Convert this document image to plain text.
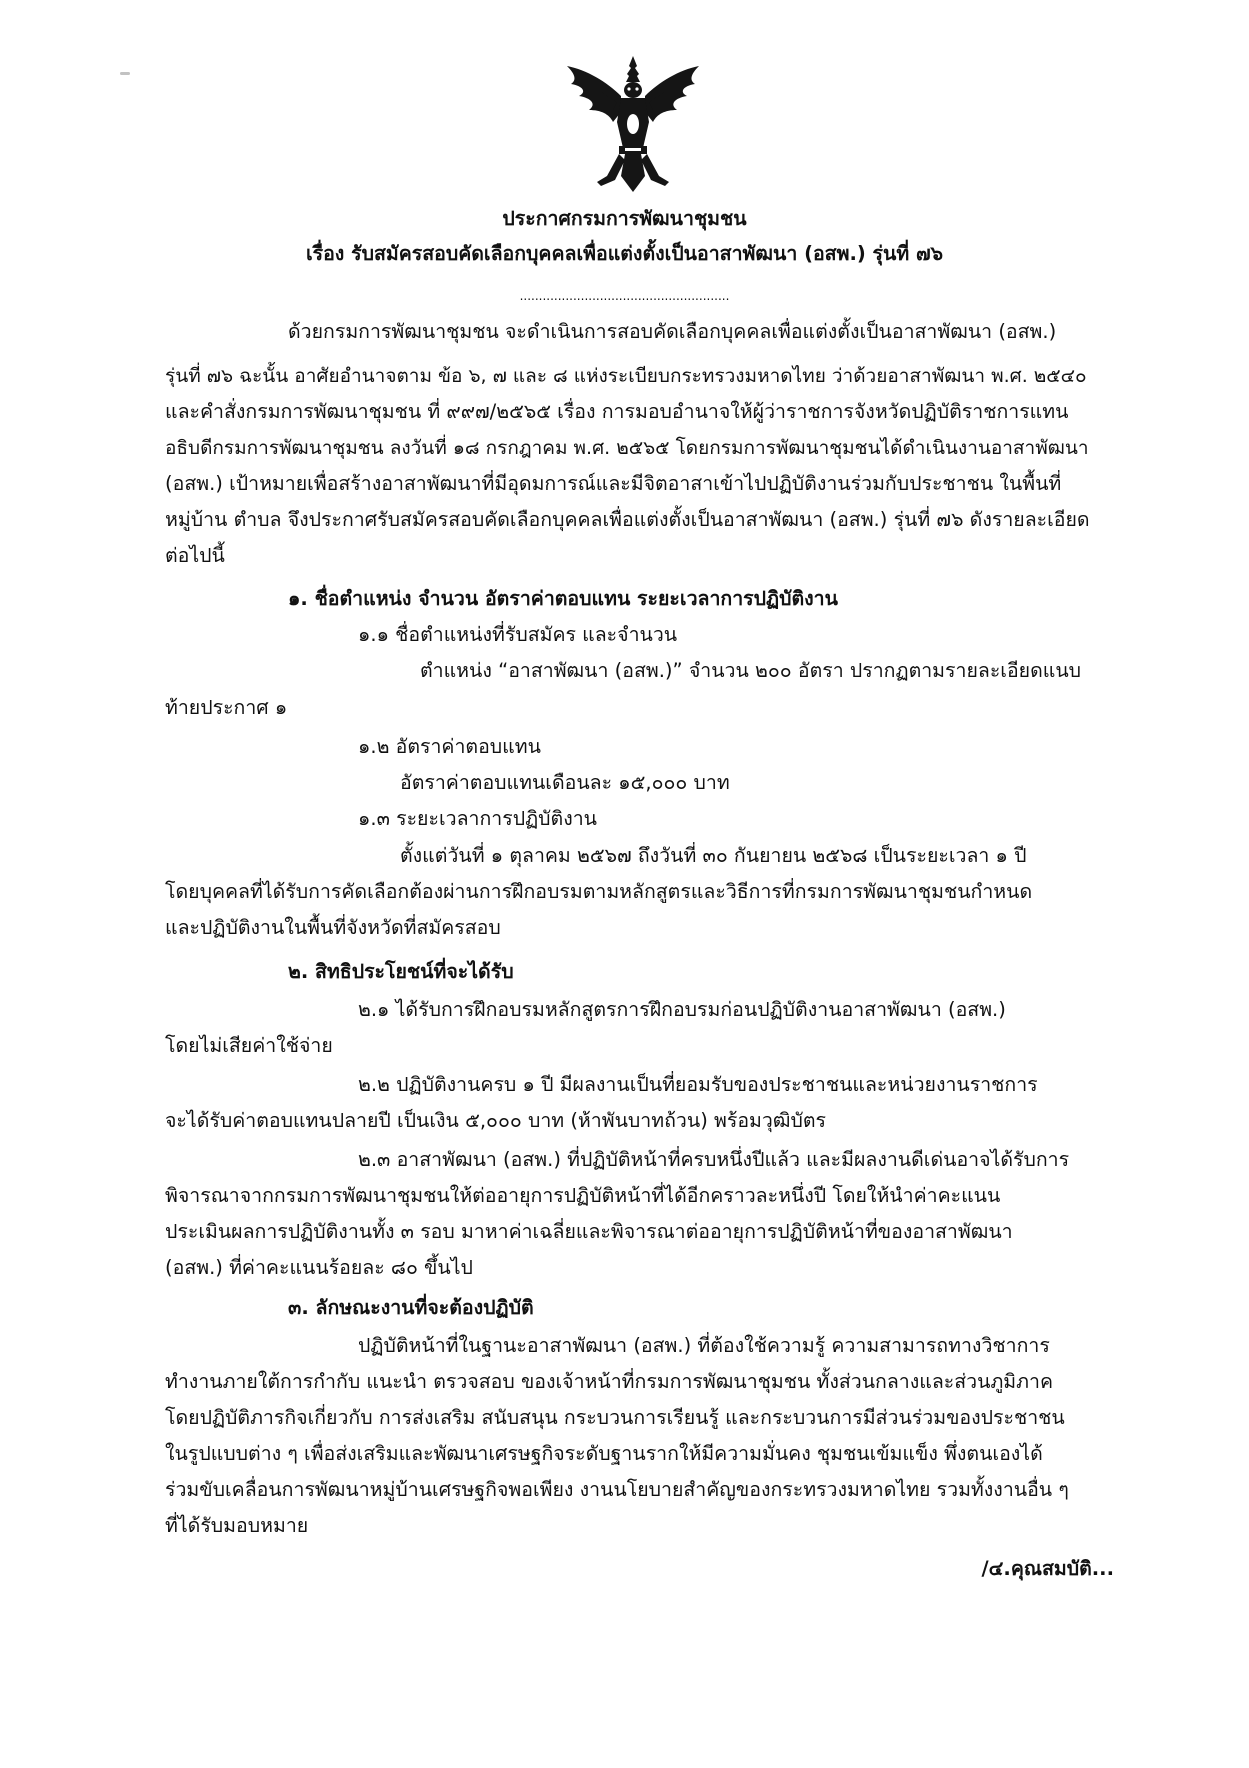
ประกาศกรมการพัฒนาชุมชน
เรื่อง รับสมัครสอบคัดเลือกบุคคลเพื่อแต่งตั้งเป็นอาสาพัฒนา (อสพ.) รุ่นที่ ๗๖
.......................................................
ด้วยกรมการพัฒนาชุมชน จะดำเนินการสอบคัดเลือกบุคคลเพื่อแต่งตั้งเป็นอาสาพัฒนา (อสพ.)
รุ่นที่ ๗๖ ฉะนั้น อาศัยอำนาจตาม ข้อ ๖, ๗ และ ๘ แห่งระเบียบกระทรวงมหาดไทย ว่าด้วยอาสาพัฒนา พ.ศ. ๒๕๔๐
และคำสั่งกรมการพัฒนาชุมชน ที่ ๙๙๗/๒๕๖๕ เรื่อง การมอบอำนาจให้ผู้ว่าราชการจังหวัดปฏิบัติราชการแทน
อธิบดีกรมการพัฒนาชุมชน ลงวันที่ ๑๘ กรกฎาคม พ.ศ. ๒๕๖๕ โดยกรมการพัฒนาชุมชนได้ดำเนินงานอาสาพัฒนา
(อสพ.) เป้าหมายเพื่อสร้างอาสาพัฒนาที่มีอุดมการณ์และมีจิตอาสาเข้าไปปฏิบัติงานร่วมกับประชาชน ในพื้นที่
หมู่บ้าน ตำบล จึงประกาศรับสมัครสอบคัดเลือกบุคคลเพื่อแต่งตั้งเป็นอาสาพัฒนา (อสพ.) รุ่นที่ ๗๖ ดังรายละเอียด
ต่อไปนี้
๑. ชื่อตำแหน่ง จำนวน อัตราค่าตอบแทน ระยะเวลาการปฏิบัติงาน
๑.๑ ชื่อตำแหน่งที่รับสมัคร และจำนวน
ตำแหน่ง “อาสาพัฒนา (อสพ.)” จำนวน ๒๐๐ อัตรา ปรากฏตามรายละเอียดแนบ
ท้ายประกาศ ๑
๑.๒ อัตราค่าตอบแทน
อัตราค่าตอบแทนเดือนละ ๑๕,๐๐๐ บาท
๑.๓ ระยะเวลาการปฏิบัติงาน
ตั้งแต่วันที่ ๑ ตุลาคม ๒๕๖๗ ถึงวันที่ ๓๐ กันยายน ๒๕๖๘ เป็นระยะเวลา ๑ ปี
โดยบุคคลที่ได้รับการคัดเลือกต้องผ่านการฝึกอบรมตามหลักสูตรและวิธีการที่กรมการพัฒนาชุมชนกำหนด
และปฏิบัติงานในพื้นที่จังหวัดที่สมัครสอบ
๒. สิทธิประโยชน์ที่จะได้รับ
๒.๑ ได้รับการฝึกอบรมหลักสูตรการฝึกอบรมก่อนปฏิบัติงานอาสาพัฒนา (อสพ.)
โดยไม่เสียค่าใช้จ่าย
๒.๒ ปฏิบัติงานครบ ๑ ปี มีผลงานเป็นที่ยอมรับของประชาชนและหน่วยงานราชการ
จะได้รับค่าตอบแทนปลายปี เป็นเงิน ๕,๐๐๐ บาท (ห้าพันบาทถ้วน) พร้อมวุฒิบัตร
๒.๓ อาสาพัฒนา (อสพ.) ที่ปฏิบัติหน้าที่ครบหนึ่งปีแล้ว และมีผลงานดีเด่นอาจได้รับการ
พิจารณาจากกรมการพัฒนาชุมชนให้ต่ออายุการปฏิบัติหน้าที่ได้อีกคราวละหนึ่งปี โดยให้นำค่าคะแนน
ประเมินผลการปฏิบัติงานทั้ง ๓ รอบ มาหาค่าเฉลี่ยและพิจารณาต่ออายุการปฏิบัติหน้าที่ของอาสาพัฒนา
(อสพ.) ที่ค่าคะแนนร้อยละ ๘๐ ขึ้นไป
๓. ลักษณะงานที่จะต้องปฏิบัติ
ปฏิบัติหน้าที่ในฐานะอาสาพัฒนา (อสพ.) ที่ต้องใช้ความรู้ ความสามารถทางวิชาการ
ทำงานภายใต้การกำกับ แนะนำ ตรวจสอบ ของเจ้าหน้าที่กรมการพัฒนาชุมชน ทั้งส่วนกลางและส่วนภูมิภาค
โดยปฏิบัติภารกิจเกี่ยวกับ การส่งเสริม สนับสนุน กระบวนการเรียนรู้ และกระบวนการมีส่วนร่วมของประชาชน
ในรูปแบบต่าง ๆ เพื่อส่งเสริมและพัฒนาเศรษฐกิจระดับฐานรากให้มีความมั่นคง ชุมชนเข้มแข็ง พึ่งตนเองได้
ร่วมขับเคลื่อนการพัฒนาหมู่บ้านเศรษฐกิจพอเพียง งานนโยบายสำคัญของกระทรวงมหาดไทย รวมทั้งงานอื่น ๆ
ที่ได้รับมอบหมาย
/๔.คุณสมบัติ...
